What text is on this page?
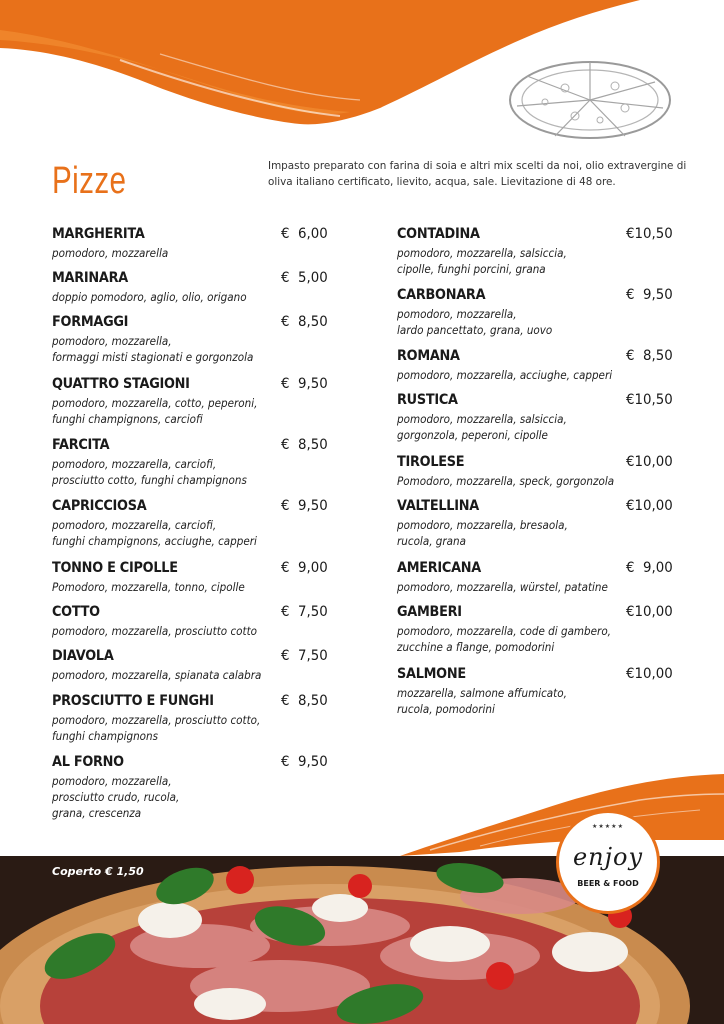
Pizze	Impasto preparato con farina di soia e altri mix scelti da noi, olio extravergine di oliva italiano certificato, lievito, acqua, sale. Lievitazione di 48 ore.
MARGHERITA	€  6,00
pomodoro, mozzarella
MARINARA	€  5,00
doppio pomodoro, aglio, olio, origano
FORMAGGI	€  8,50
pomodoro, mozzarella,
formaggi misti stagionati e gorgonzola
QUATTRO STAGIONI	€  9,50
pomodoro, mozzarella, cotto, peperoni,
funghi champignons, carciofi
FARCITA	€  8,50
pomodoro, mozzarella, carciofi,
prosciutto cotto, funghi champignons
CAPRICCIOSA	€  9,50
pomodoro, mozzarella, carciofi,
funghi champignons, acciughe, capperi
TONNO E CIPOLLE	€  9,00
Pomodoro, mozzarella, tonno, cipolle
COTTO	€  7,50
pomodoro, mozzarella, prosciutto cotto
DIAVOLA	€  7,50
pomodoro, mozzarella, spianata calabra
PROSCIUTTO E FUNGHI	€  8,50
pomodoro, mozzarella, prosciutto cotto,
funghi champignons
AL FORNO	€  9,50
pomodoro, mozzarella,
prosciutto crudo, rucola,
grana, crescenza
CONTADINA	€10,50
pomodoro, mozzarella, salsiccia,
cipolle, funghi porcini, grana
CARBONARA	€  9,50
pomodoro, mozzarella,
lardo pancettato, grana, uovo
ROMANA	€  8,50
pomodoro, mozzarella, acciughe, capperi
RUSTICA	€10,50
pomodoro, mozzarella, salsiccia,
gorgonzola, peperoni, cipolle
TIROLESE	€10,00
Pomodoro, mozzarella, speck, gorgonzola
VALTELLINA	€10,00
pomodoro, mozzarella, bresaola,
rucola, grana
AMERICANA	€  9,00
pomodoro, mozzarella, würstel, patatine
GAMBERI	€10,00
pomodoro, mozzarella, code di gambero,
zucchine a flange, pomodorini
SALMONE	€10,00
mozzarella, salmone affumicato,
rucola, pomodorini
Coperto € 1,50
★★★★★
enjoy
BEER & FOOD
